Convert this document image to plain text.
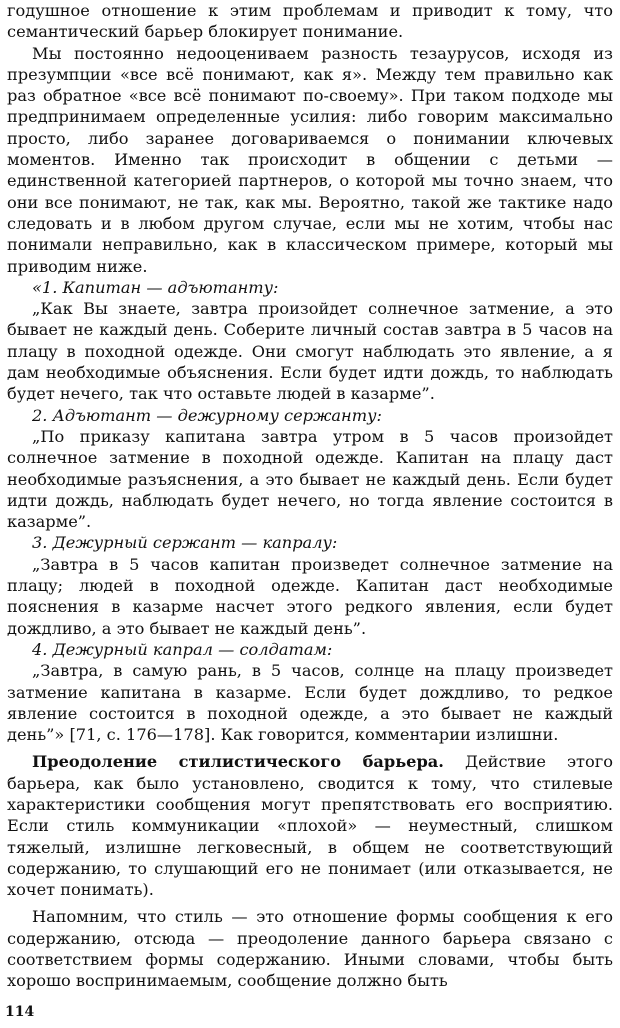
годушное отношение к этим проблемам и приводит к тому, что семантический барьер блокирует понимание.

Мы постоянно недооцениваем разность тезаурусов, исходя из презумпции «все всё понимают, как я». Между тем правильно как раз обратное «все всё понимают по-своему». При таком подходе мы предпринимаем определенные усилия: либо говорим максимально просто, либо заранее договариваемся о понимании ключевых моментов. Именно так происходит в общении с детьми — единственной категорией партнеров, о которой мы точно знаем, что они все понимают, не так, как мы. Вероятно, такой же тактике надо следовать и в любом другом случае, если мы не хотим, чтобы нас понимали неправильно, как в классическом примере, который мы приводим ниже.

«1. Капитан — адъютанту:

„Как Вы знаете, завтра произойдет солнечное затмение, а это бывает не каждый день. Соберите личный состав завтра в 5 часов на плацу в походной одежде. Они смогут наблюдать это явление, а я дам необходимые объяснения. Если будет идти дождь, то наблюдать будет нечего, так что оставьте людей в казарме”.

2. Адъютант — дежурному сержанту:

„По приказу капитана завтра утром в 5 часов произойдет солнечное затмение в походной одежде. Капитан на плацу даст необходимые разъяснения, а это бывает не каждый день. Если будет идти дождь, наблюдать будет нечего, но тогда явление состоится в казарме”.

3. Дежурный сержант — капралу:

„Завтра в 5 часов капитан произведет солнечное затмение на плацу; людей в походной одежде. Капитан даст необходимые пояснения в казарме насчет этого редкого явления, если будет дождливо, а это бывает не каждый день”.

4. Дежурный капрал — солдатам:

„Завтра, в самую рань, в 5 часов, солнце на плацу произведет затмение капитана в казарме. Если будет дождливо, то редкое явление состоится в походной одежде, а это бывает не каждый день”» [71, с. 176—178]. Как говорится, комментарии излишни.

Преодоление стилистического барьера. Действие этого барьера, как было установлено, сводится к тому, что стилевые характеристики сообщения могут препятствовать его восприятию. Если стиль коммуникации «плохой» — неуместный, слишком тяжелый, излишне легковесный, в общем не соответствующий содержанию, то слушающий его не понимает (или отказывается, не хочет понимать).

Напомним, что стиль — это отношение формы сообщения к его содержанию, отсюда — преодоление данного барьера связано с соответствием формы содержанию. Иными словами, чтобы быть хорошо воспринимаемым, сообщение должно быть

114
